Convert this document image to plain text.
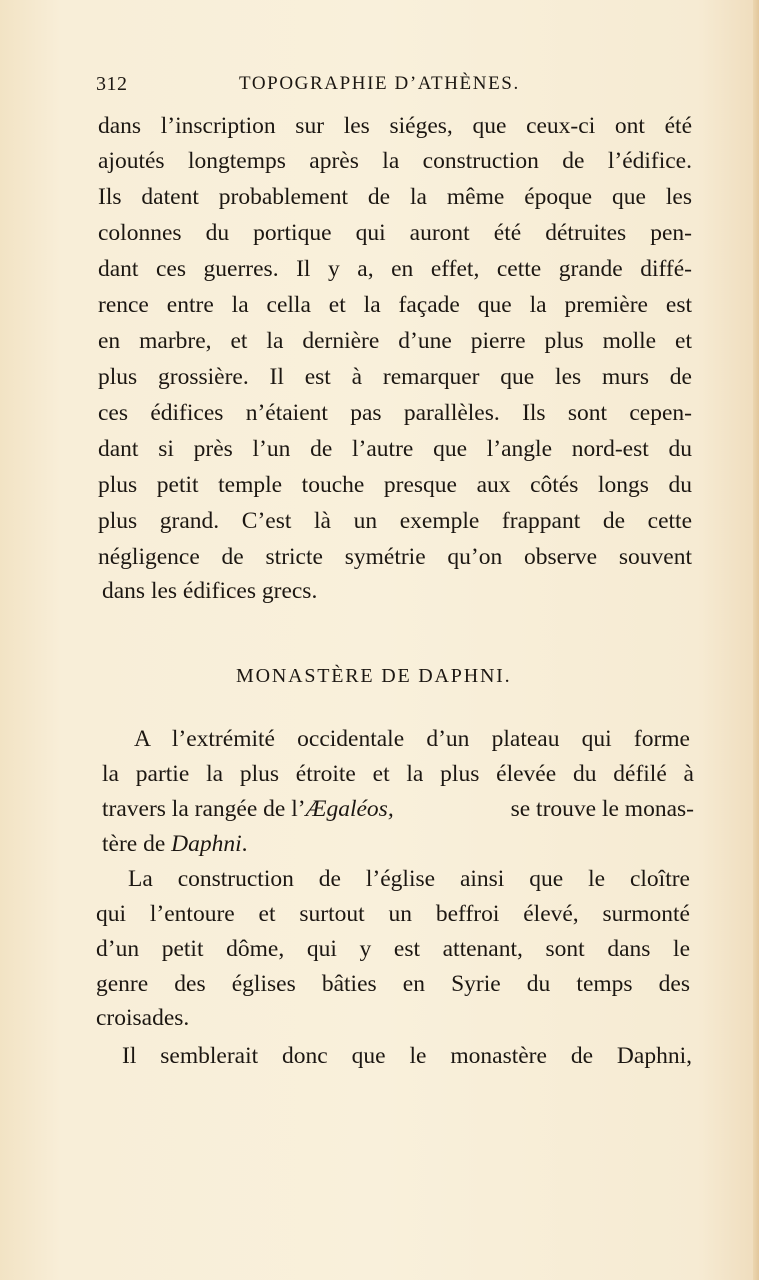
312	TOPOGRAPHIE D’ATHÈNES.
dans l’inscription sur les siéges, que ceux-ci ont été
ajoutés longtemps après la construction de l’édifice.
Ils datent probablement de la même époque que les
colonnes du portique qui auront été détruites pen-
dant ces guerres. Il y a, en effet, cette grande diffé-
rence entre la cella et la façade que la première est
en marbre, et la dernière d’une pierre plus molle et
plus grossière. Il est à remarquer que les murs de
ces édifices n’étaient pas parallèles. Ils sont cepen-
dant si près l’un de l’autre que l’angle nord-est du
plus petit temple touche presque aux côtés longs du
plus grand. C’est là un exemple frappant de cette
négligence de stricte symétrie qu’on observe souvent
dans les édifices grecs.
MONASTÈRE DE DAPHNI.
A l’extrémité occidentale d’un plateau qui forme
la partie la plus étroite et la plus élevée du défilé à
travers la rangée de l’Ægaléos,	se trouve le monas-
tère de Daphni.
La construction de l’église ainsi que le cloître
qui l’entoure et surtout un beffroi élevé, surmonté
d’un petit dôme, qui y est attenant, sont dans le
genre des églises bâties en Syrie du temps des
croisades.
Il semblerait donc que le monastère de Daphni,
